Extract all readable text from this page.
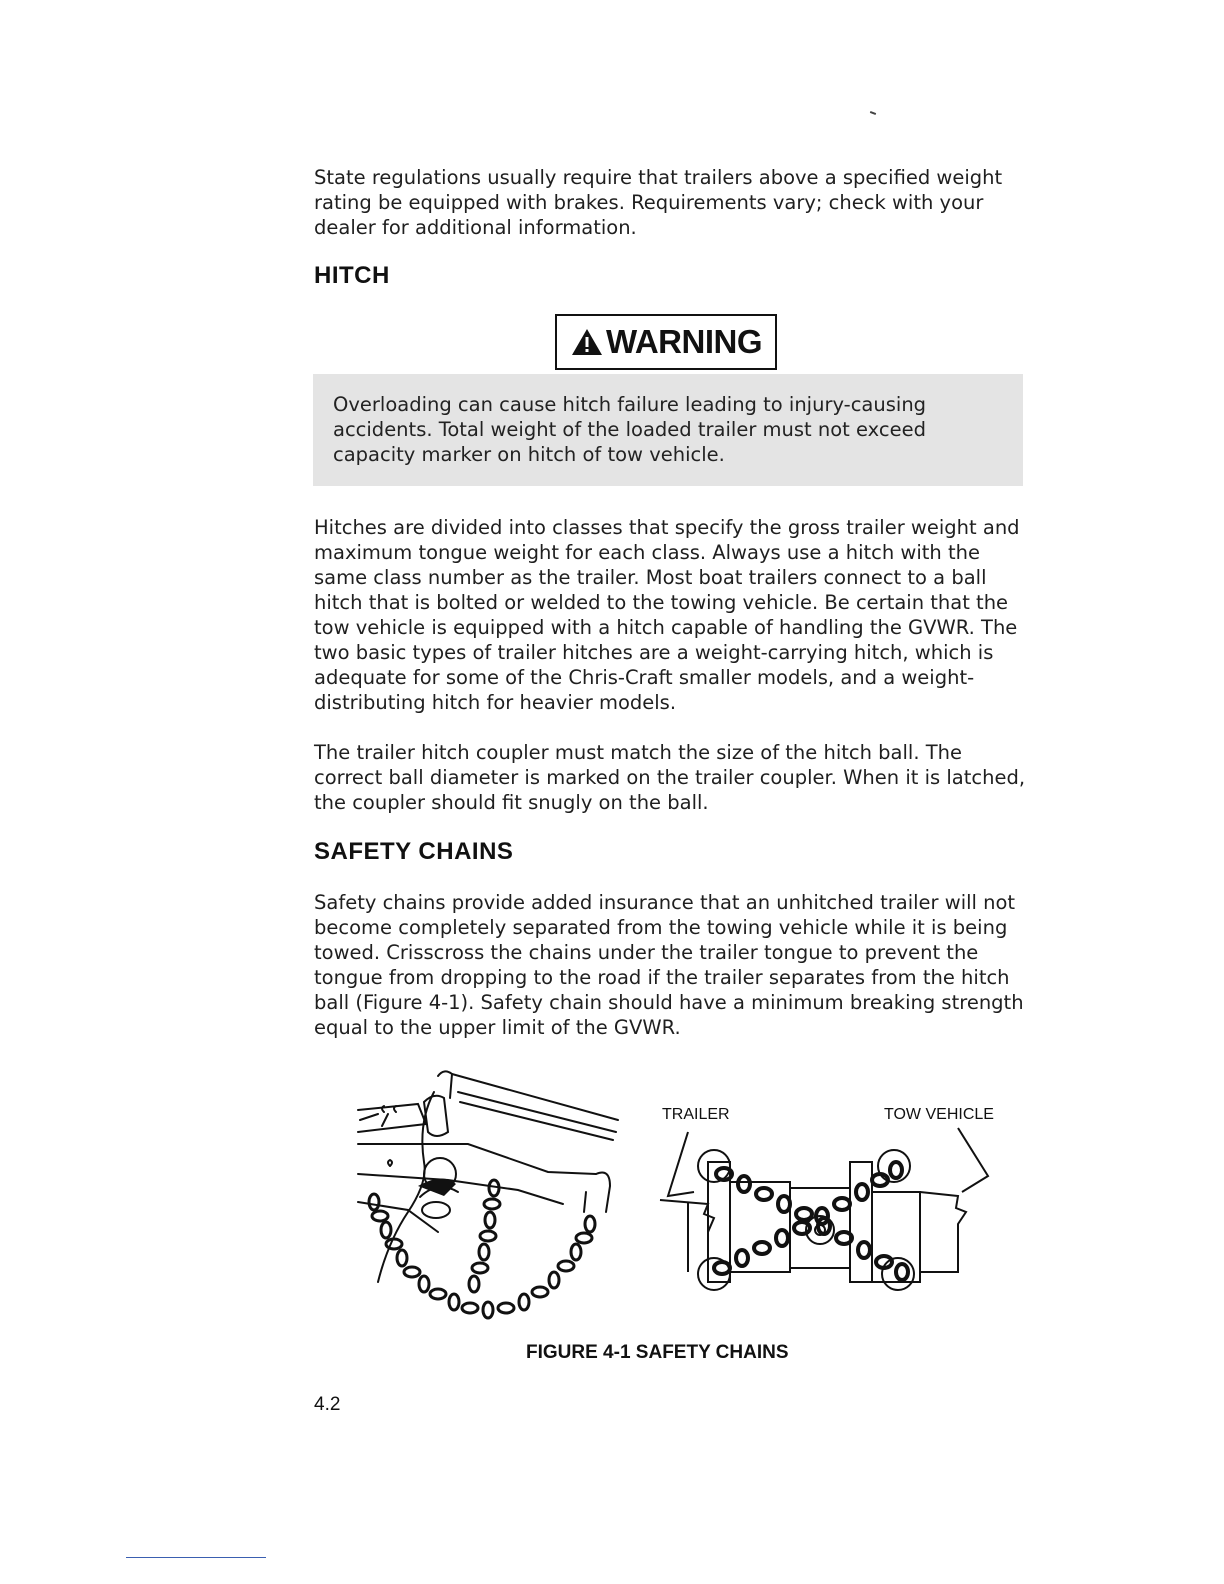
State regulations usually require that trailers above a specified weight rating be equipped with brakes. Requirements vary; check with your dealer for additional information.

HITCH
WARNING

Overloading can cause hitch failure leading to injury-causing accidents. Total weight of the loaded trailer must not exceed capacity marker on hitch of tow vehicle.

Hitches are divided into classes that specify the gross trailer weight and maximum tongue weight for each class. Always use a hitch with the same class number as the trailer. Most boat trailers connect to a ball hitch that is bolted or welded to the towing vehicle. Be certain that the tow vehicle is equipped with a hitch capable of handling the GVWR. The two basic types of trailer hitches are a weight-carrying hitch, which is adequate for some of the Chris-Craft smaller models, and a weight-distributing hitch for heavier models.

The trailer hitch coupler must match the size of the hitch ball. The correct ball diameter is marked on the trailer coupler. When it is latched, the coupler should fit snugly on the ball.

SAFETY CHAINS

Safety chains provide added insurance that an unhitched trailer will not become completely separated from the towing vehicle while it is being towed. Crisscross the chains under the trailer tongue to prevent the tongue from dropping to the road if the trailer separates from the hitch ball (Figure 4-1). Safety chain should have a minimum breaking strength equal to the upper limit of the GVWR.

TRAILER	TOW VEHICLE
FIGURE 4-1 SAFETY CHAINS
4.2
